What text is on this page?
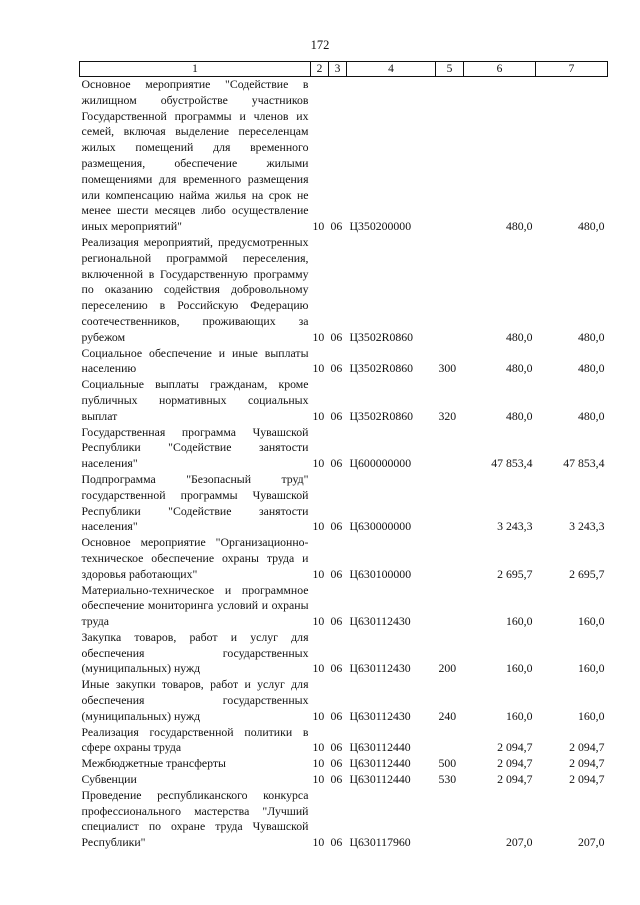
172
1	2	3	4	5	6	7
Основное мероприятие "Содействие в жилищном обустройстве участников Государственной программы и членов их семей, включая выделение переселенцам жилых помещений для временного размещения, обеспечение жилыми помещениями для временного размещения или компенсацию найма жилья на срок не менее шести месяцев либо осуществление иных мероприятий"	10	06	Ц350200000		480,0	480,0
Реализация мероприятий, предусмотренных региональной программой переселения, включенной в Государственную программу по оказанию содействия добровольному переселению в Российскую Федерацию соотечественников, проживающих за рубежом	10	06	Ц3502R0860		480,0	480,0
Социальное обеспечение и иные выплаты населению	10	06	Ц3502R0860	300	480,0	480,0
Социальные выплаты гражданам, кроме публичных нормативных социальных выплат	10	06	Ц3502R0860	320	480,0	480,0
Государственная программа Чувашской Республики "Содействие занятости населения"	10	06	Ц600000000		47 853,4	47 853,4
Подпрограмма "Безопасный труд" государственной программы Чувашской Республики "Содействие занятости населения"	10	06	Ц630000000		3 243,3	3 243,3
Основное мероприятие "Организационно-техническое обеспечение охраны труда и здоровья работающих"	10	06	Ц630100000		2 695,7	2 695,7
Материально-техническое и программное обеспечение мониторинга условий и охраны труда	10	06	Ц630112430		160,0	160,0
Закупка товаров, работ и услуг для обеспечения государственных (муниципальных) нужд	10	06	Ц630112430	200	160,0	160,0
Иные закупки товаров, работ и услуг для обеспечения государственных (муниципальных) нужд	10	06	Ц630112430	240	160,0	160,0
Реализация государственной политики в сфере охраны труда	10	06	Ц630112440		2 094,7	2 094,7
Межбюджетные трансферты	10	06	Ц630112440	500	2 094,7	2 094,7
Субвенции	10	06	Ц630112440	530	2 094,7	2 094,7
Проведение республиканского конкурса профессионального мастерства "Лучший специалист по охране труда Чувашской Республики"	10	06	Ц630117960		207,0	207,0
